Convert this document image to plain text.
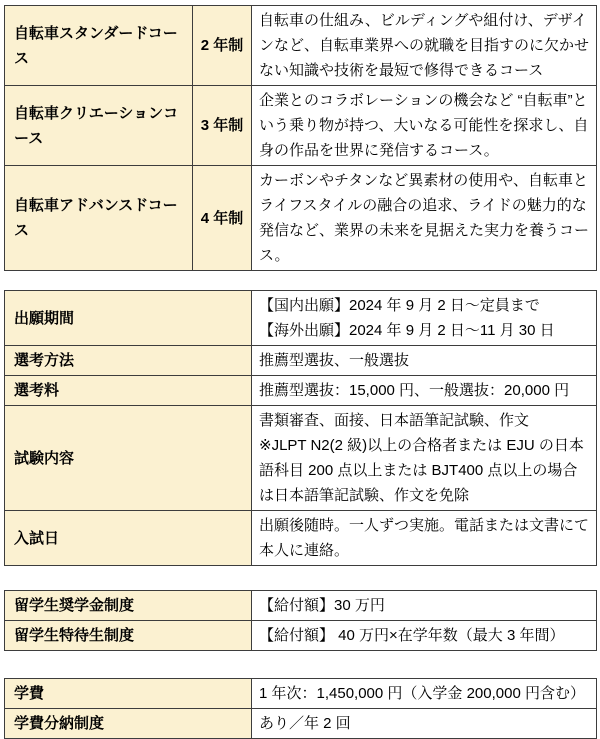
自転車スタンダードコース	2 年制	自転車の仕組み、ビルディングや組付け、デザインなど、自転車業界への就職を目指すのに欠かせない知識や技術を最短で修得できるコース
自転車クリエーションコース	3 年制	企業とのコラボレーションの機会など “自転車”という乗り物が持つ、大いなる可能性を探求し、自身の作品を世界に発信するコース。
自転車アドバンスドコース	4 年制	カーボンやチタンなど異素材の使用や、自転車とライフスタイルの融合の追求、ライドの魅力的な発信など、業界の未来を見据えた実力を養うコース。
出願期間	【国内出願】2024 年 9 月 2 日～定員まで
【海外出願】2024 年 9 月 2 日～11 月 30 日

選考方法	推薦型選抜、一般選抜

選考料	推薦型選抜：15,000 円、一般選抜：20,000 円

試験内容	書類審査、面接、日本語筆記試験、作文
※JLPT N2(2 級)以上の合格者または EJU の日本語科目 200 点以上または BJT400 点以上の場合は日本語筆記試験、作文を免除

入試日	出願後随時。一人ずつ実施。電話または文書にて本人に連絡。
留学生奨学金制度	【給付額】30 万円
留学生特待生制度	【給付額】 40 万円×在学年数（最大 3 年間）
学費	1 年次：1,450,000 円（入学金 200,000 円含む）
学費分納制度	あり／年 2 回
